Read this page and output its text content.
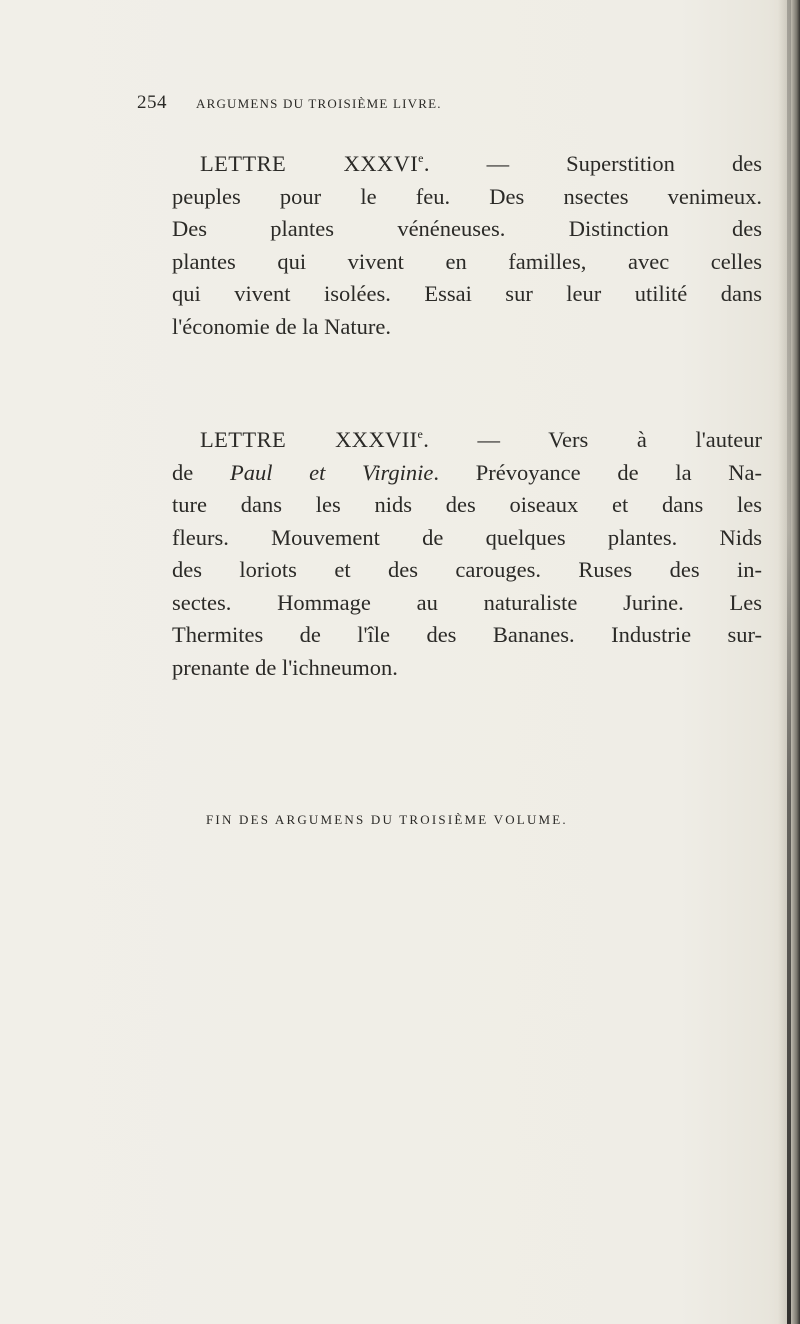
254 ARGUMENS DU TROISIÈME LIVRE.
LETTRE XXXVIe. —	Superstition des
peuples pour le feu. Des nsectes venimeux.
Des plantes vénéneuses. Distinction des
plantes qui vivent en familles, avec celles
qui vivent isolées. Essai sur leur utilité dans
l'économie de la Nature.
LETTRE XXXVIIe. — Vers à l'auteur
de Paul et Virginie. Prévoyance de la Na-
ture dans les nids des oiseaux et dans les
fleurs. Mouvement de quelques plantes. Nids
des loriots et des carouges. Ruses des in-
sectes. Hommage au naturaliste Jurine. Les
Thermites de l'île des Bananes. Industrie sur-
prenante de l'ichneumon.
FIN DES ARGUMENS DU TROISIÈME VOLUME.
